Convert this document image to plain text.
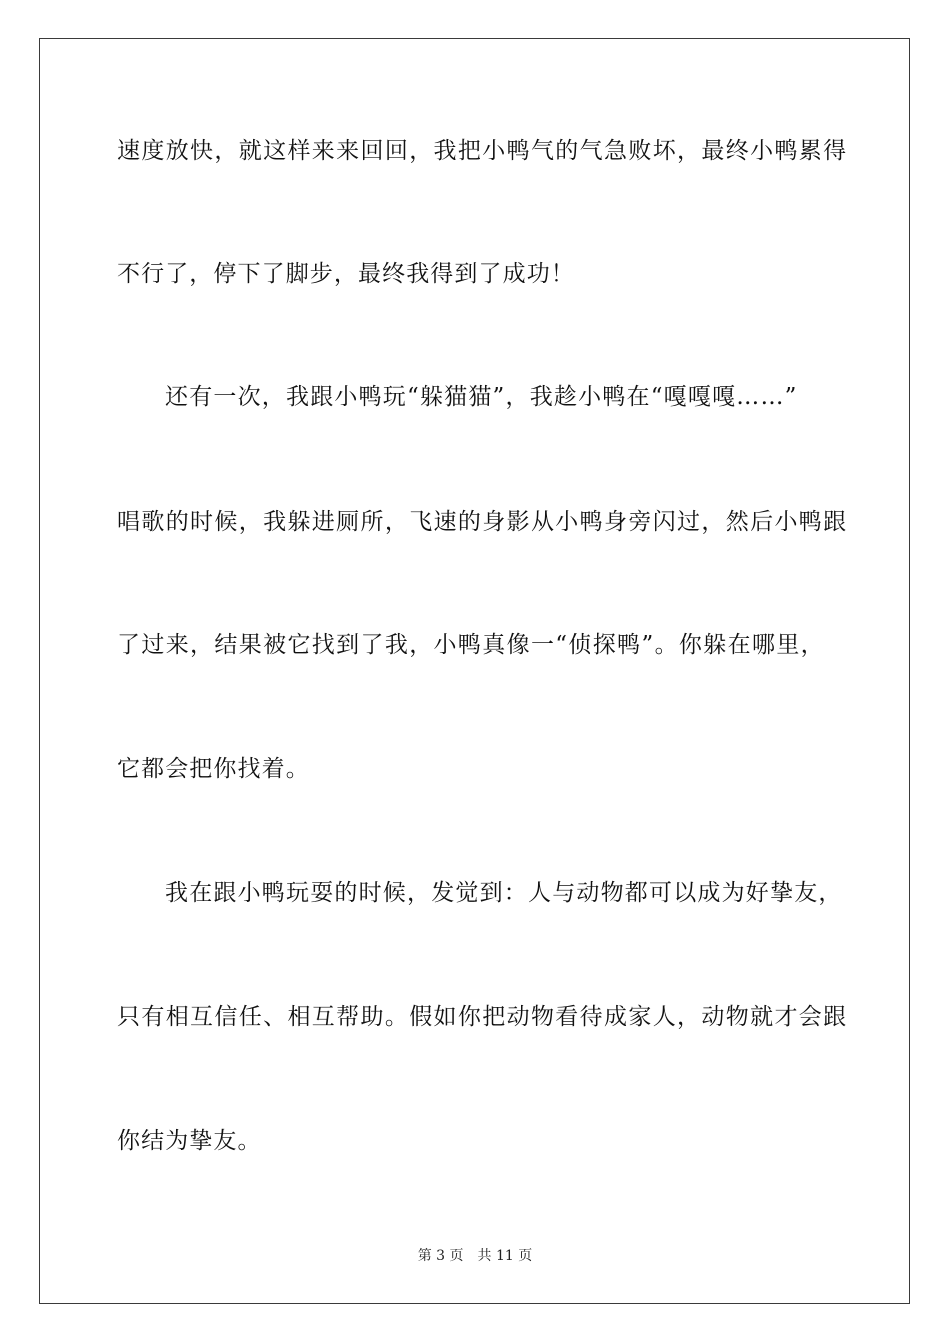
速度放快，就这样来来回回，我把小鸭气的气急败坏，最终小鸭累得
不行了，停下了脚步，最终我得到了成功！
还有一次，我跟小鸭玩“躲猫猫”，我趁小鸭在“嘎嘎嘎……”
唱歌的时候，我躲进厕所，飞速的身影从小鸭身旁闪过，然后小鸭跟
了过来，结果被它找到了我，小鸭真像一“侦探鸭”。你躲在哪里，
它都会把你找着。
我在跟小鸭玩耍的时候，发觉到：人与动物都可以成为好挚友，
只有相互信任、相互帮助。假如你把动物看待成家人，动物就才会跟
你结为挚友。
第 3 页 共 11 页
